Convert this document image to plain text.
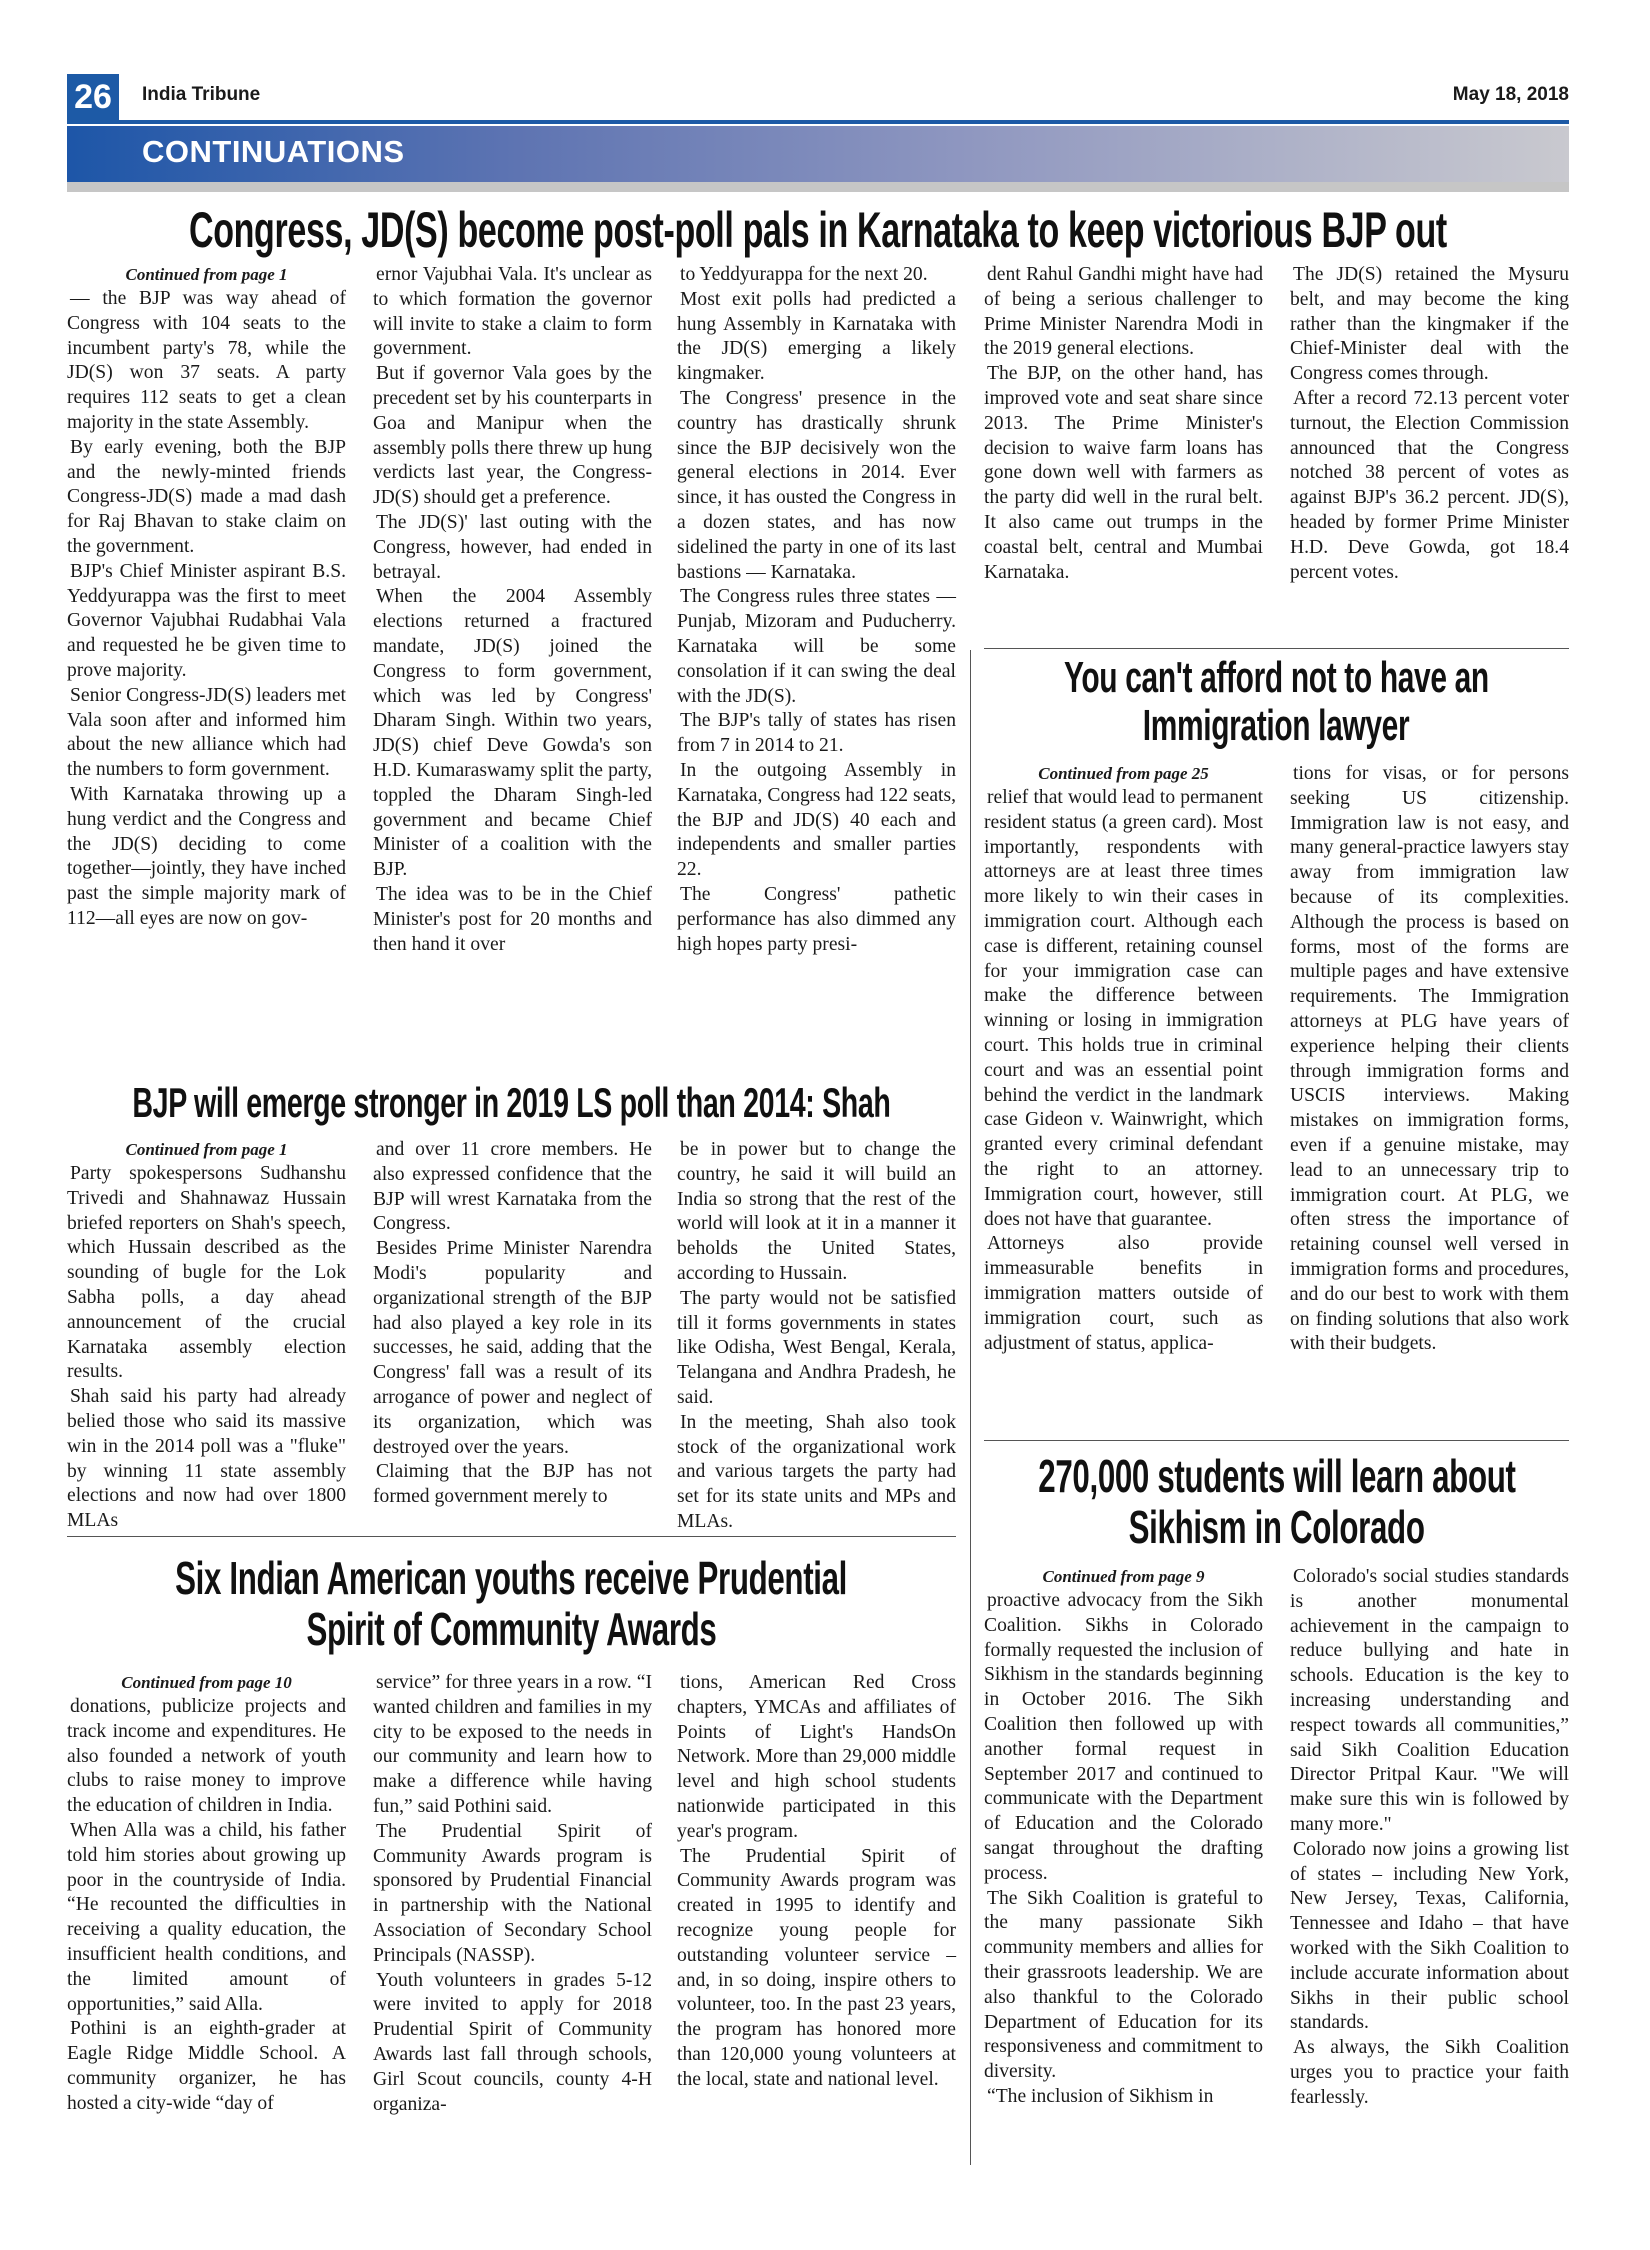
26	India Tribune	May 18, 2018
CONTINUATIONS
Congress, JD(S) become post-poll pals in Karnataka to keep victorious BJP out
Continued from page 1

— the BJP was way ahead of Congress with 104 seats to the incumbent party's 78, while the JD(S) won 37 seats. A party requires 112 seats to get a clean majority in the state Assembly.

By early evening, both the BJP and the newly-minted friends Congress-JD(S) made a mad dash for Raj Bhavan to stake claim on the government.

BJP's Chief Minister aspirant B.S. Yeddyurappa was the first to meet Governor Vajubhai Rudabhai Vala and requested he be given time to prove majority.

Senior Congress-JD(S) leaders met Vala soon after and informed him about the new alliance which had the numbers to form government.

With Karnataka throwing up a hung verdict and the Congress and the JD(S) deciding to come together—jointly, they have inched past the simple majority mark of 112—all eyes are now on gov-

ernor Vajubhai Vala. It's unclear as to which formation the governor will invite to stake a claim to form government.

But if governor Vala goes by the precedent set by his counterparts in Goa and Manipur when the assembly polls there threw up hung verdicts last year, the Congress-JD(S) should get a preference.

The JD(S)' last outing with the Congress, however, had ended in betrayal.

When the 2004 Assembly elections returned a fractured mandate, JD(S) joined the Congress to form government, which was led by Congress' Dharam Singh. Within two years, JD(S) chief Deve Gowda's son H.D. Kumaraswamy split the party, toppled the Dharam Singh-led government and became Chief Minister of a coalition with the BJP.

The idea was to be in the Chief Minister's post for 20 months and then hand it over

to Yeddyurappa for the next 20.

Most exit polls had predicted a hung Assembly in Karnataka with the JD(S) emerging a likely kingmaker.

The Congress' presence in the country has drastically shrunk since the BJP decisively won the general elections in 2014. Ever since, it has ousted the Congress in a dozen states, and has now sidelined the party in one of its last bastions — Karnataka.

The Congress rules three states — Punjab, Mizoram and Puducherry. Karnataka will be some consolation if it can swing the deal with the JD(S).

The BJP's tally of states has risen from 7 in 2014 to 21.

In the outgoing Assembly in Karnataka, Congress had 122 seats, the BJP and JD(S) 40 each and independents and smaller parties 22.

The Congress' pathetic performance has also dimmed any high hopes party presi-

dent Rahul Gandhi might have had of being a serious challenger to Prime Minister Narendra Modi in the 2019 general elections.

The BJP, on the other hand, has improved vote and seat share since 2013. The Prime Minister's decision to waive farm loans has gone down well with farmers as the party did well in the rural belt. It also came out trumps in the coastal belt, central and Mumbai Karnataka.

The JD(S) retained the Mysuru belt, and may become the king rather than the kingmaker if the Chief-Minister deal with the Congress comes through.

After a record 72.13 percent voter turnout, the Election Commission announced that the Congress notched 38 percent of votes as against BJP's 36.2 percent. JD(S), headed by former Prime Minister H.D. Deve Gowda, got 18.4 percent votes.

BJP will emerge stronger in 2019 LS poll than 2014: Shah
Continued from page 1

Party spokespersons Sudhanshu Trivedi and Shahnawaz Hussain briefed reporters on Shah's speech, which Hussain described as the sounding of bugle for the Lok Sabha polls, a day ahead announcement of the crucial Karnataka assembly election results.

Shah said his party had already belied those who said its massive win in the 2014 poll was a "fluke" by winning 11 state assembly elections and now had over 1800 MLAs

and over 11 crore members. He also expressed confidence that the BJP will wrest Karnataka from the Congress.

Besides Prime Minister Narendra Modi's popularity and organizational strength of the BJP had also played a key role in its successes, he said, adding that the Congress' fall was a result of its arrogance of power and neglect of its organization, which was destroyed over the years.

Claiming that the BJP has not formed government merely to

be in power but to change the country, he said it will build an India so strong that the rest of the world will look at it in a manner it beholds the United States, according to Hussain.

The party would not be satisfied till it forms governments in states like Odisha, West Bengal, Kerala, Telangana and Andhra Pradesh, he said.

In the meeting, Shah also took stock of the organizational work and various targets the party had set for its state units and MPs and MLAs.

Six Indian American youths receive Prudential
Spirit of Community Awards
Continued from page 10

donations, publicize projects and track income and expenditures. He also founded a network of youth clubs to raise money to improve the education of children in India.

When Alla was a child, his father told him stories about growing up poor in the countryside of India. “He recounted the difficulties in receiving a quality education, the insufficient health conditions, and the limited amount of opportunities,” said Alla.

Pothini is an eighth-grader at Eagle Ridge Middle School. A community organizer, he has hosted a city-wide “day of

service” for three years in a row. “I wanted children and families in my city to be exposed to the needs in our community and learn how to make a difference while having fun,” said Pothini said.

The Prudential Spirit of Community Awards program is sponsored by Prudential Financial in partnership with the National Association of Secondary School Principals (NASSP).

Youth volunteers in grades 5-12 were invited to apply for 2018 Prudential Spirit of Community Awards last fall through schools, Girl Scout councils, county 4-H organiza-

tions, American Red Cross chapters, YMCAs and affiliates of Points of Light's HandsOn Network. More than 29,000 middle level and high school students nationwide participated in this year's program.

The Prudential Spirit of Community Awards program was created in 1995 to identify and recognize young people for outstanding volunteer service – and, in so doing, inspire others to volunteer, too. In the past 23 years, the program has honored more than 120,000 young volunteers at the local, state and national level.

You can't afford not to have an
Immigration lawyer
Continued from page 25

relief that would lead to permanent resident status (a green card). Most importantly, respondents with attorneys are at least three times more likely to win their cases in immigration court. Although each case is different, retaining counsel for your immigration case can make the difference between winning or losing in immigration court. This holds true in criminal court and was an essential point behind the verdict in the landmark case Gideon v. Wainwright, which granted every criminal defendant the right to an attorney. Immigration court, however, still does not have that guarantee.

Attorneys also provide immeasurable benefits in immigration matters outside of immigration court, such as adjustment of status, applica-

tions for visas, or for persons seeking US citizenship. Immigration law is not easy, and many general-practice lawyers stay away from immigration law because of its complexities. Although the process is based on forms, most of the forms are multiple pages and have extensive requirements. The Immigration attorneys at PLG have years of experience helping their clients through immigration forms and USCIS interviews. Making mistakes on immigration forms, even if a genuine mistake, may lead to an unnecessary trip to immigration court. At PLG, we often stress the importance of retaining counsel well versed in immigration forms and procedures, and do our best to work with them on finding solutions that also work with their budgets.

270,000 students will learn about
Sikhism in Colorado
Continued from page 9

proactive advocacy from the Sikh Coalition. Sikhs in Colorado formally requested the inclusion of Sikhism in the standards beginning in October 2016. The Sikh Coalition then followed up with another formal request in September 2017 and continued to communicate with the Department of Education and the Colorado sangat throughout the drafting process.

The Sikh Coalition is grateful to the many passionate Sikh community members and allies for their grassroots leadership. We are also thankful to the Colorado Department of Education for its responsiveness and commitment to diversity.

“The inclusion of Sikhism in

Colorado's social studies standards is another monumental achievement in the campaign to reduce bullying and hate in schools. Education is the key to increasing understanding and respect towards all communities,” said Sikh Coalition Education Director Pritpal Kaur. "We will make sure this win is followed by many more."

Colorado now joins a growing list of states – including New York, New Jersey, Texas, California, Tennessee and Idaho – that have worked with the Sikh Coalition to include accurate information about Sikhs in their public school standards.

As always, the Sikh Coalition urges you to practice your faith fearlessly.
